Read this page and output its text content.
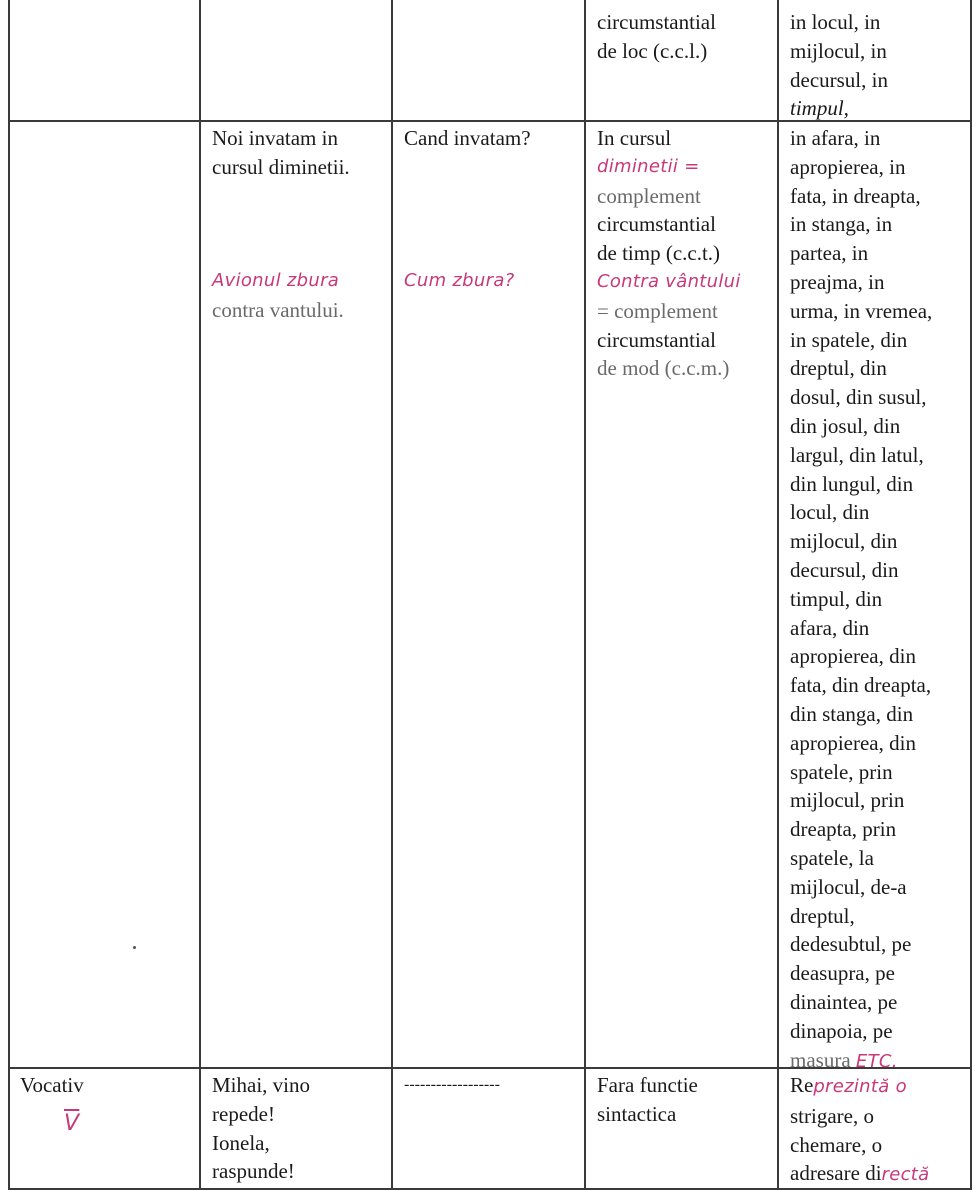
circumstantial
de loc (c.c.l.)
in locul, in
mijlocul, in
decursul, in
timpul,
Noi invatam in
cursul diminetii.
Avionul zbura
contra vantului.
Cand invatam?
Cum zbura?
In cursul
diminetii =
complement
circumstantial
de timp (c.c.t.)
Contra vântului
= complement
circumstantial
de mod (c.c.m.)
in afara, in
apropierea, in
fata, in dreapta,
in stanga, in
partea, in
preajma, in
urma, in vremea,
in spatele, din
dreptul, din
dosul, din susul,
din josul, din
largul, din latul,
din lungul, din
locul, din
mijlocul, din
decursul, din
timpul, din
afara, din
apropierea, din
fata, din dreapta,
din stanga, din
apropierea, din
spatele, prin
mijlocul, prin
dreapta, prin
spatele, la
mijlocul, de-a
dreptul,
dedesubtul, pe
deasupra, pe
dinaintea, pe
dinapoia, pe
masura ETC.
Vocativ
$\overline{V}$
Mihai, vino
repede!
Ionela,
raspunde!
------------------	Fara functie
sintactica
Reprezintă o
strigare, o
chemare, o
adresare directă
